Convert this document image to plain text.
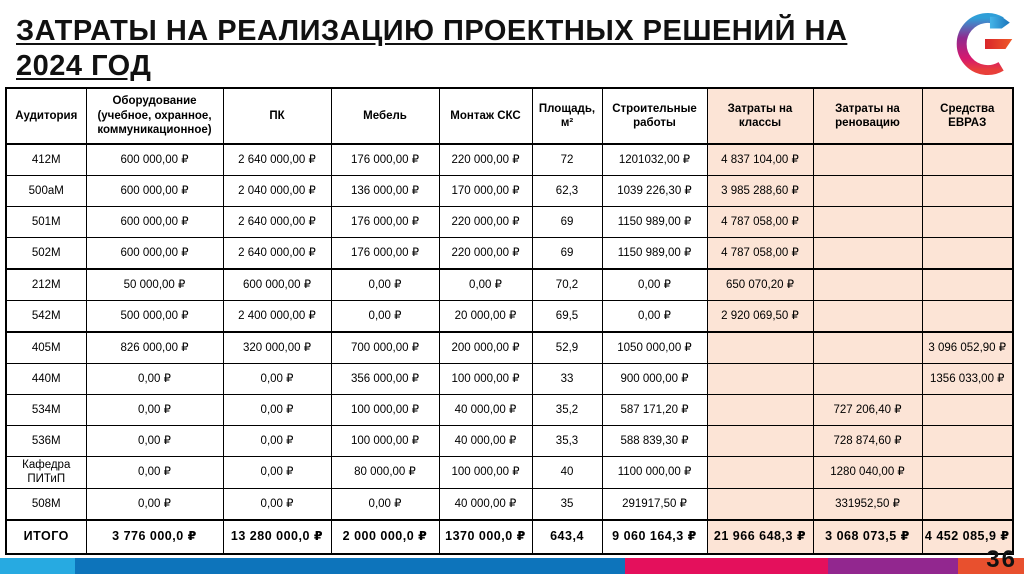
ЗАТРАТЫ НА РЕАЛИЗАЦИЮ ПРОЕКТНЫХ РЕШЕНИЙ НА 2024 ГОД
Аудитория	Оборудование (учебное, охранное, коммуникационное)	ПК	Мебель	Монтаж СКС	Площадь, м²	Строительные работы	Затраты на классы	Затраты на реновацию	Средства ЕВРАЗ
412М	600 000,00 ₽	2 640 000,00 ₽	176 000,00 ₽	220 000,00 ₽	72	1201032,00 ₽	4 837 104,00 ₽		
500аМ	600 000,00 ₽	2 040 000,00 ₽	136 000,00 ₽	170 000,00 ₽	62,3	1039 226,30 ₽	3 985 288,60 ₽		
501М	600 000,00 ₽	2 640 000,00 ₽	176 000,00 ₽	220 000,00 ₽	69	1150 989,00 ₽	4 787 058,00 ₽		
502М	600 000,00 ₽	2 640 000,00 ₽	176 000,00 ₽	220 000,00 ₽	69	1150 989,00 ₽	4 787 058,00 ₽		
212М	50 000,00 ₽	600 000,00 ₽	0,00 ₽	0,00 ₽	70,2	0,00 ₽	650 070,20 ₽		
542М	500 000,00 ₽	2 400 000,00 ₽	0,00 ₽	20 000,00 ₽	69,5	0,00 ₽	2 920 069,50 ₽		
405М	826 000,00 ₽	320 000,00 ₽	700 000,00 ₽	200 000,00 ₽	52,9	1050 000,00 ₽			3 096 052,90 ₽
440М	0,00 ₽	0,00 ₽	356 000,00 ₽	100 000,00 ₽	33	900 000,00 ₽			1356 033,00 ₽
534М	0,00 ₽	0,00 ₽	100 000,00 ₽	40 000,00 ₽	35,2	587 171,20 ₽		727 206,40 ₽	
536М	0,00 ₽	0,00 ₽	100 000,00 ₽	40 000,00 ₽	35,3	588 839,30 ₽		728 874,60 ₽	
Кафедра ПИТиП	0,00 ₽	0,00 ₽	80 000,00 ₽	100 000,00 ₽	40	1100 000,00 ₽		1280 040,00 ₽	
508М	0,00 ₽	0,00 ₽	0,00 ₽	40 000,00 ₽	35	291917,50 ₽		331952,50 ₽	
ИТОГО	3 776 000,0 ₽	13 280 000,0 ₽	2 000 000,0 ₽	1370 000,0 ₽	643,4	9 060 164,3 ₽	21 966 648,3 ₽	3 068 073,5 ₽	4 452 085,9 ₽
36
